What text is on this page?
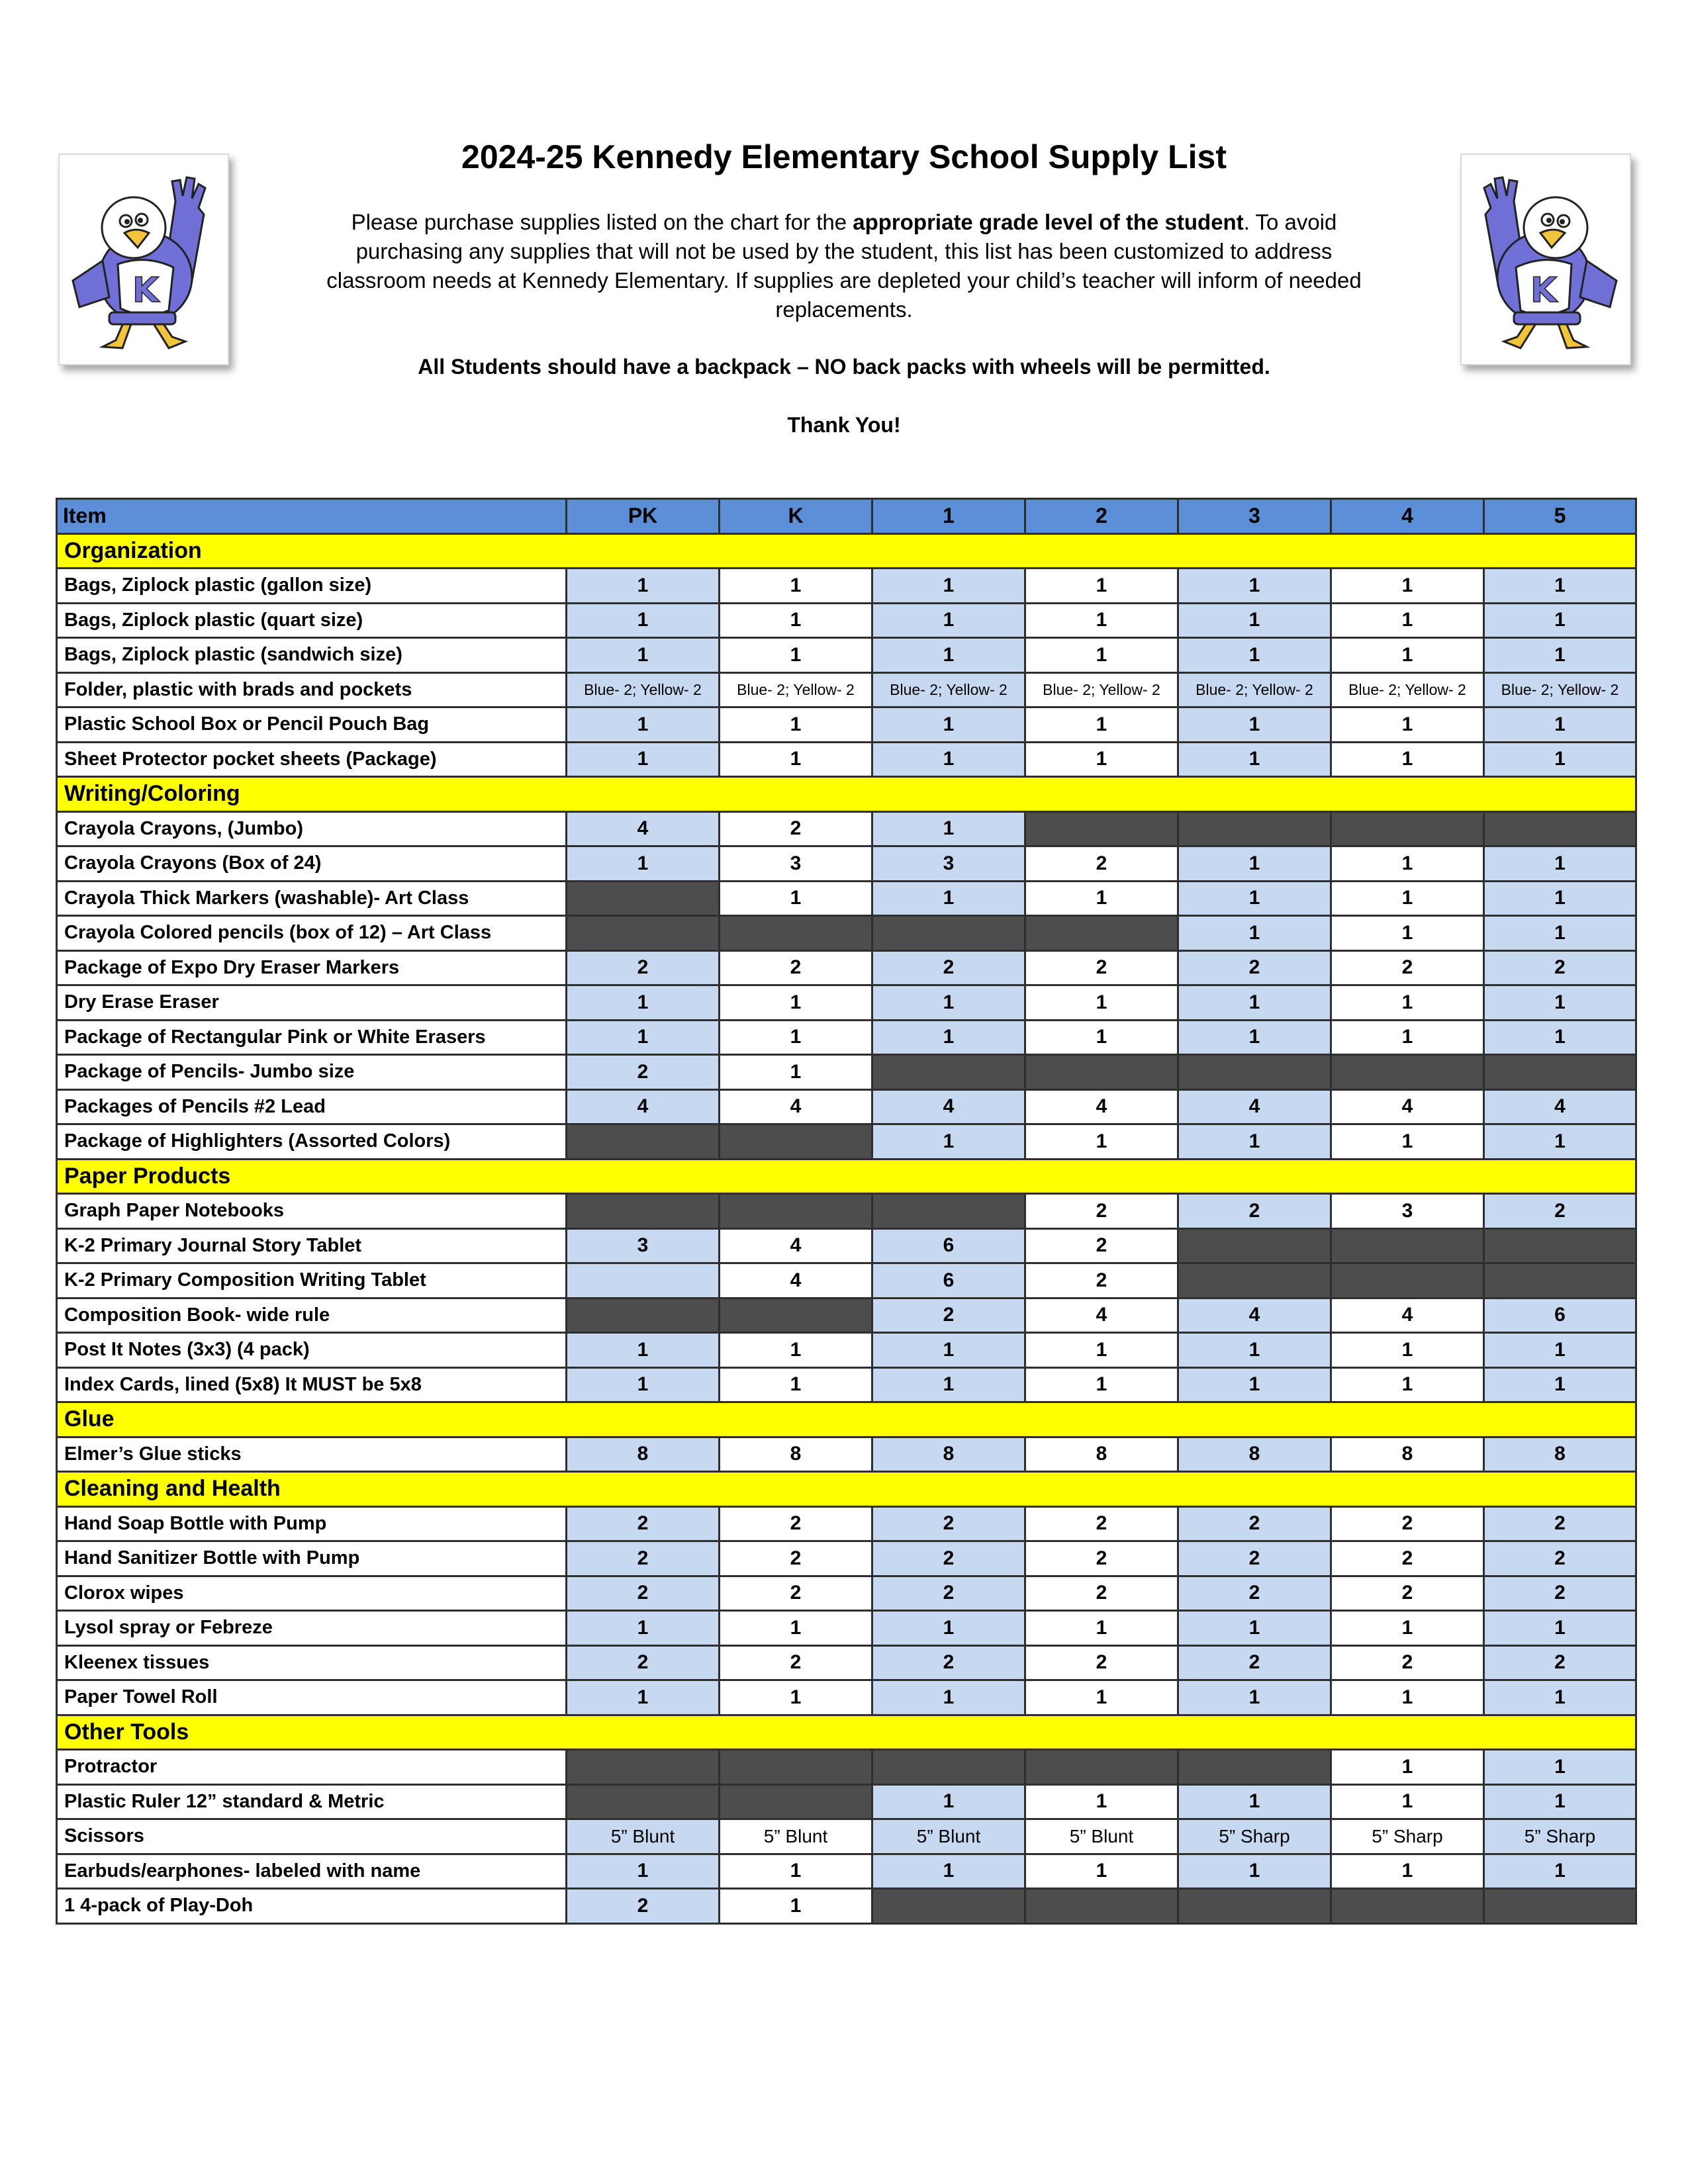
K	K
2024-25 Kennedy Elementary School Supply List
Please purchase supplies listed on the chart for the appropriate grade level of the student. To avoid purchasing any supplies that will not be used by the student, this list has been customized to address classroom needs at Kennedy Elementary. If supplies are depleted your child’s teacher will inform of needed replacements.
All Students should have a backpack – NO back packs with wheels will be permitted.
Thank You!
Item	PK	K	1	2	3	4	5
Organization							
Bags, Ziplock plastic (gallon size)	1	1	1	1	1	1	1
Bags, Ziplock plastic (quart size)	1	1	1	1	1	1	1
Bags, Ziplock plastic (sandwich size)	1	1	1	1	1	1	1
Folder, plastic with brads and pockets	Blue- 2; Yellow- 2	Blue- 2; Yellow- 2	Blue- 2; Yellow- 2	Blue- 2; Yellow- 2	Blue- 2; Yellow- 2	Blue- 2; Yellow- 2	Blue- 2; Yellow- 2
Plastic School Box or Pencil Pouch Bag	1	1	1	1	1	1	1
Sheet Protector pocket sheets (Package)	1	1	1	1	1	1	1
Writing/Coloring							
Crayola Crayons, (Jumbo)	4	2	1				
Crayola Crayons (Box of 24)	1	3	3	2	1	1	1
Crayola Thick Markers (washable)- Art Class		1	1	1	1	1	1
Crayola Colored pencils (box of 12) – Art Class					1	1	1
Package of Expo Dry Eraser Markers	2	2	2	2	2	2	2
Dry Erase Eraser	1	1	1	1	1	1	1
Package of Rectangular Pink or White Erasers	1	1	1	1	1	1	1
Package of Pencils- Jumbo size	2	1					
Packages of Pencils #2 Lead	4	4	4	4	4	4	4
Package of Highlighters (Assorted Colors)			1	1	1	1	1
Paper Products							
Graph Paper Notebooks				2	2	3	2
K-2 Primary Journal Story Tablet	3	4	6	2			
K-2 Primary Composition Writing Tablet		4	6	2			
Composition Book- wide rule			2	4	4	4	6
Post It Notes (3x3) (4 pack)	1	1	1	1	1	1	1
Index Cards, lined (5x8) It MUST be 5x8	1	1	1	1	1	1	1
Glue							
Elmer’s Glue sticks	8	8	8	8	8	8	8
Cleaning and Health							
Hand Soap Bottle with Pump	2	2	2	2	2	2	2
Hand Sanitizer Bottle with Pump	2	2	2	2	2	2	2
Clorox wipes	2	2	2	2	2	2	2
Lysol spray or Febreze	1	1	1	1	1	1	1
Kleenex tissues	2	2	2	2	2	2	2
Paper Towel Roll	1	1	1	1	1	1	1
Other Tools							
Protractor						1	1
Plastic Ruler 12” standard & Metric			1	1	1	1	1
Scissors	5” Blunt	5” Blunt	5” Blunt	5” Blunt	5” Sharp	5” Sharp	5” Sharp
Earbuds/earphones- labeled with name	1	1	1	1	1	1	1
1 4-pack of Play-Doh	2	1					
